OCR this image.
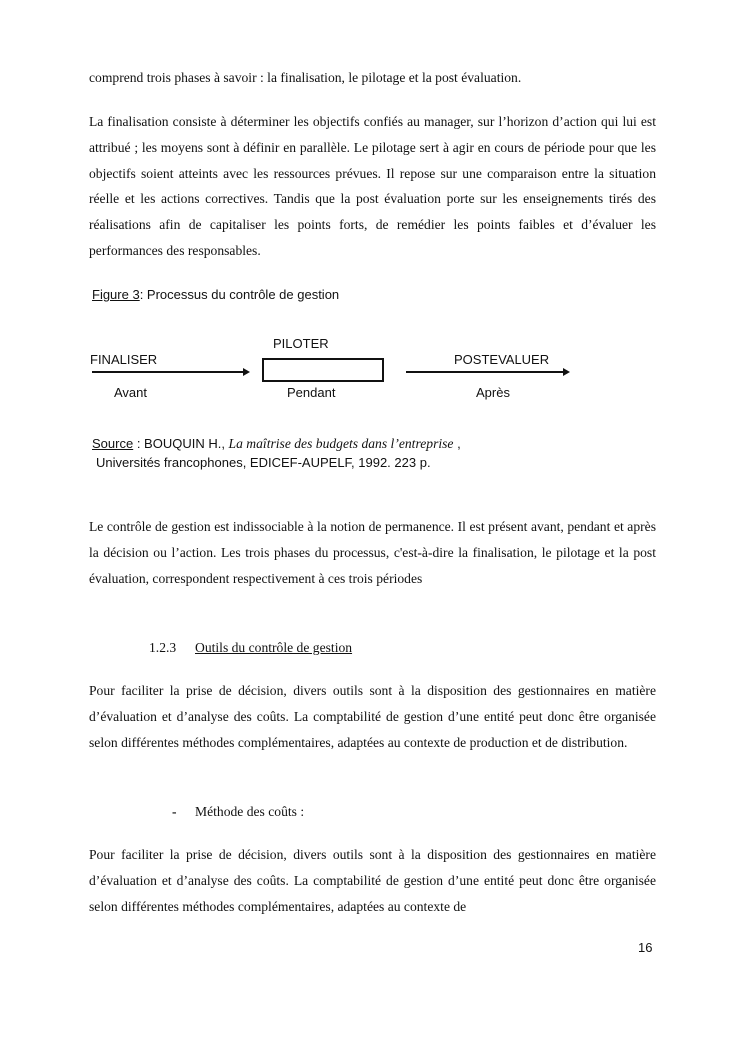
comprend trois phases à savoir : la finalisation, le pilotage et la post évaluation.

La finalisation consiste à déterminer les objectifs confiés au manager, sur l’horizon d’action qui lui est attribué ; les moyens sont à définir en parallèle. Le pilotage sert à agir en cours de période pour que les objectifs soient atteints avec les ressources prévues. Il repose sur une comparaison entre la situation réelle et les actions correctives. Tandis que la post évaluation porte sur les enseignements tirés des réalisations afin de capitaliser les points forts, de remédier les points faibles et d’évaluer les performances des responsables.

Figure 3: Processus du contrôle de gestion
PILOTER
FINALISER	POSTEVALUER
Avant	Pendant	Après
Source : BOUQUIN H., La maîtrise des budgets dans l’entreprise ,
Universités francophones, EDICEF-AUPELF, 1992. 223 p.

Le contrôle de gestion est indissociable à la notion de permanence. Il est présent avant, pendant et après la décision ou l’action. Les trois phases du processus, c'est-à-dire la finalisation, le pilotage et la post évaluation, correspondent respectivement à ces trois périodes

1.2.3 Outils du contrôle de gestion

Pour faciliter la prise de décision, divers outils sont à la disposition des gestionnaires en matière d’évaluation et d’analyse des coûts. La comptabilité de gestion d’une entité peut donc être organisée selon différentes méthodes complémentaires, adaptées au contexte de production et de distribution.

- Méthode des coûts :

Pour faciliter la prise de décision, divers outils sont à la disposition des gestionnaires en matière d’évaluation et d’analyse des coûts. La comptabilité de gestion d’une entité peut donc être organisée selon différentes méthodes complémentaires, adaptées au contexte de

16
